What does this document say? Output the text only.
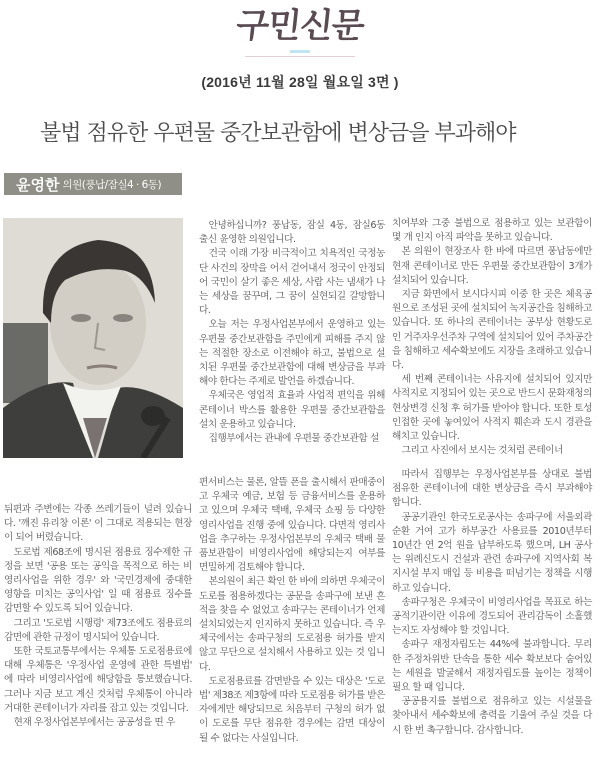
구민신문
(2016년 11월 28일 월요일 3면 )
불법 점유한 우편물 중간보관함에 변상금을 부과해야
윤영한 의원(풍납/잠실4 · 6동)

안녕하십니까? 풍납동, 잠실 4동, 잠실6동 출신 윤영한 의원입니다.

건국 이래 가장 비극적이고 치욕적인 국정농단 사건의 장막을 어서 걷어내서 정국이 안정되어 국민이 살기 좋은 세상, 사람 사는 냄새가 나는 세상을 꿈꾸며, 그 꿈이 실현되길 갈망합니다.

오늘 저는 우정사업본부에서 운영하고 있는 우편물 중간보관함을 주민에게 피해를 주지 않는 적절한 장소로 이전해야 하고, 불법으로 설치된 우편물 중간보관함에 대해 변상금을 부과해야 한다는 주제로 발언을 하겠습니다.

우체국은 영업적 효율과 사업적 편익을 위해 콘테이너 박스를 활용한 우편물 중간보관함을 설치 운용하고 있습니다.

집행부에서는 관내에 우편물 중간보관함 설

치여부와 그중 불법으로 점용하고 있는 보관함이 몇 개 인지 아직 파악을 못하고 있습니다.

본 의원이 현장조사 한 바에 따르면 풍납동에만 현재 콘테이너로 만든 우편물 중간보관함이 3개가 설치되어 있습니다.

지금 화면에서 보시다시피 이중 한 곳은 체육공원으로 조성된 곳에 설치되어 녹지공간을 침해하고 있습니다. 또 하나의 콘테이너는 공부상 현황도로인 거주자우선주차 구역에 설치되어 있어 주차공간을 침해하고 세수확보에도 지장을 초래하고 있습니다.

세 번째 콘테이너는 사유지에 설치되어 있지만 사적지로 지정되어 있는 곳으로 반드시 문화재청의 현상변경 신청 후 허가를 받아야 합니다. 또한 토성 인접한 곳에 놓여있어 사적지 훼손과 도시 경관을 해치고 있습니다.

그리고 사진에서 보시는 것처럼 콘테이너

뒤편과 주변에는 각종 쓰레기들이 널려 있습니다. '깨진 유리창 이론' 이 그대로 적용되는 현장이 되어 버렸습니다.

도로법 제68조에 명시된 점용료 징수제한 규정을 보면 '공용 또는 공익을 목적으로 하는 비영리사업을 위한 경우' 와 '국민경제에 중대한 영향을 미치는 공익사업' 일 때 점용료 징수를 감면할 수 있도록 되어 있습니다.

그리고 '도로법 시행령' 제73조에도 점용료의 감면에 관한 규정이 명시되어 있습니다.

또한 국토교통부에서는 우체통 도로점용료에 대해 우체통은 '우정사업 운영에 관한 특별법' 에 따라 비영리사업에 해당함을 통보했습니다. 그러나 지금 보고 계신 것처럼 우체통이 아니라 거대한 콘테이너가 자리를 잡고 있는 것입니다.

현재 우정사업본부에서는 공공성을 띤 우

편서비스는 물론, 알뜰 폰을 출시해서 판매중이고 우체국 예금, 보험 등 금융서비스를 운용하고 있으며 우체국 택배, 우체국 쇼핑 등 다양한 영리사업을 진행 중에 있습니다. 다면적 영리사업을 추구하는 우정사업본부의 우체국 택배 물품보관함이 비영리사업에 해당되는지 여부를 면밀하게 검토해야 합니다.

본의원이 최근 확인 한 바에 의하면 우체국이 도로를 점용하겠다는 공문을 송파구에 보낸 흔적을 찾을 수 없었고 송파구는 콘테이너가 언제 설치되었는지 인지하지 못하고 있습니다. 즉 우체국에서는 송파구청의 도로점용 허가를 받지 않고 무단으로 설치해서 사용하고 있는 것 입니다.

도로점용료를 감면받을 수 있는 대상은 '도로법' 제38조 제3항에 따라 도로점용 허가를 받은 자에게만 해당되므로 처음부터 구청의 허가 없이 도로를 무단 점유한 경우에는 감면 대상이 될 수 없다는 사실입니다.

따라서 집행부는 우정사업본부를 상대로 불법 점유한 콘테이너에 대한 변상금을 즉시 부과해야 합니다.

공공기관인 한국도로공사는 송파구에 서울외곽순환 거여 고가 하부공간 사용료를 2010년부터 10년간 연 2억 원을 납부하도록 했으며, LH 공사는 위례신도시 건설과 관련 송파구에 지역사회 복지시설 부지 매입 등 비용을 떠넘기는 정책을 시행하고 있습니다.

송파구청은 우체국이 비영리사업을 목표로 하는 공적기관이란 이유에 경도되어 관리감독이 소홀했는지도 자성해야 할 것입니다.

송파구 재정자립도는 44%에 불과합니다. 무리한 주정차위반 단속을 통한 세수 확보보다 숨어있는 세원을 발굴해서 재정자립도를 높이는 정책이 필요 할 때 입니다.

공공용지를 불법으로 점유하고 있는 시설물을 찾아내서 세수확보에 총력을 기울여 주실 것을 다시 한 번 촉구합니다. 감사합니다.
